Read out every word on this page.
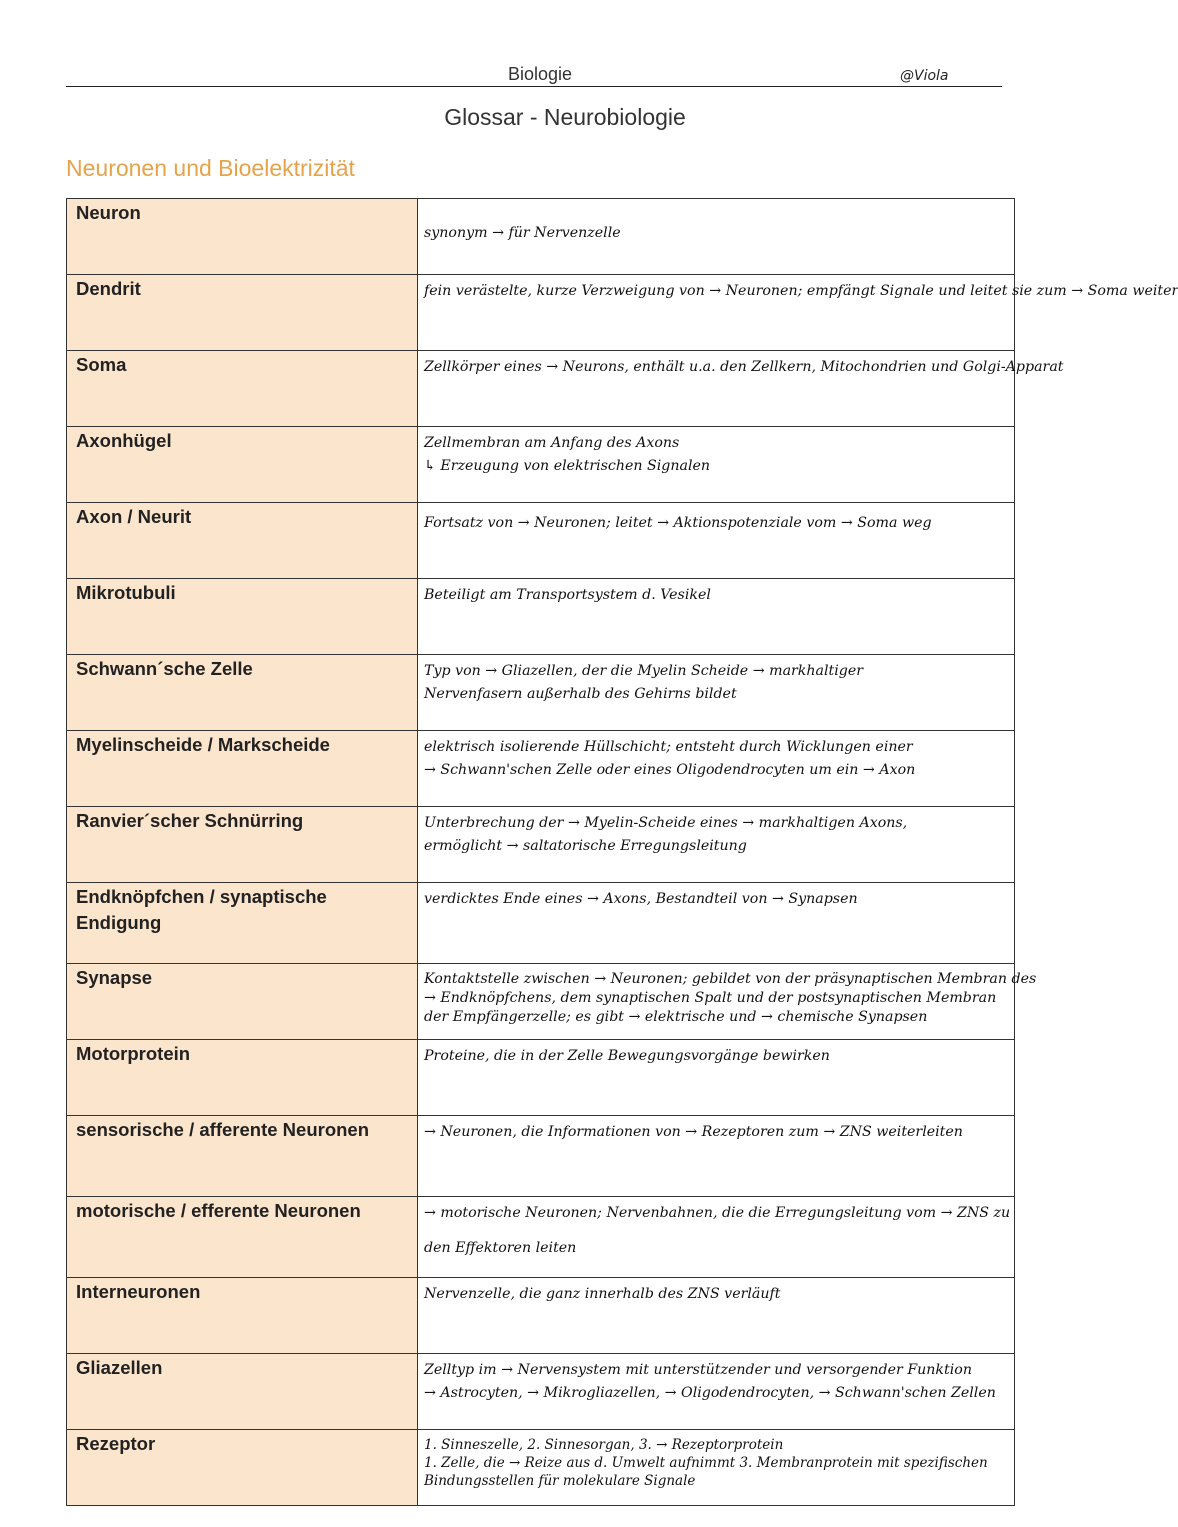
Biologie	@Viola
Glossar - Neurobiologie
Neuronen und Bioelektrizität
Neuron	synonym → für Nervenzelle

Dendrit	fein verästelte, kurze Verzweigung von → Neuronen; empfängt Signale und leitet sie zum → Soma weiter

Soma	Zellkörper eines → Neurons, enthält u.a. den Zellkern, Mitochondrien und Golgi-Apparat

Axonhügel	Zellmembran am Anfang des Axons
↳ Erzeugung von elektrischen Signalen

Axon / Neurit	Fortsatz von → Neuronen; leitet → Aktionspotenziale vom → Soma weg

Mikrotubuli	Beteiligt am Transportsystem d. Vesikel

Schwann´sche Zelle	Typ von → Gliazellen, der die Myelin Scheide → markhaltiger
Nervenfasern außerhalb des Gehirns bildet

Myelinscheide / Markscheide	elektrisch isolierende Hüllschicht; entsteht durch Wicklungen einer
→ Schwann'schen Zelle oder eines Oligodendrocyten um ein → Axon

Ranvier´scher Schnürring	Unterbrechung der → Myelin-Scheide eines → markhaltigen Axons,
ermöglicht → saltatorische Erregungsleitung

Endknöpfchen / synaptische Endigung	verdicktes Ende eines → Axons, Bestandteil von → Synapsen

Synapse	Kontaktstelle zwischen → Neuronen; gebildet von der präsynaptischen Membran des
→ Endknöpfchens, dem synaptischen Spalt und der postsynaptischen Membran der Empfängerzelle; es gibt → elektrische und → chemische Synapsen

Motorprotein	Proteine, die in der Zelle Bewegungsvorgänge bewirken

sensorische / afferente Neuronen	→ Neuronen, die Informationen von → Rezeptoren zum → ZNS weiterleiten

motorische / efferente Neuronen	→ motorische Neuronen; Nervenbahnen, die die Erregungsleitung vom → ZNS zu
den Effektoren leiten

Interneuronen	Nervenzelle, die ganz innerhalb des ZNS verläuft

Gliazellen	Zelltyp im → Nervensystem mit unterstützender und versorgender Funktion
→ Astrocyten, → Mikrogliazellen, → Oligodendrocyten, → Schwann'schen Zellen

Rezeptor	1. Sinneszelle, 2. Sinnesorgan, 3. → Rezeptorprotein
1. Zelle, die → Reize aus d. Umwelt aufnimmt 3. Membranprotein mit spezifischen Bindungsstellen für molekulare Signale
